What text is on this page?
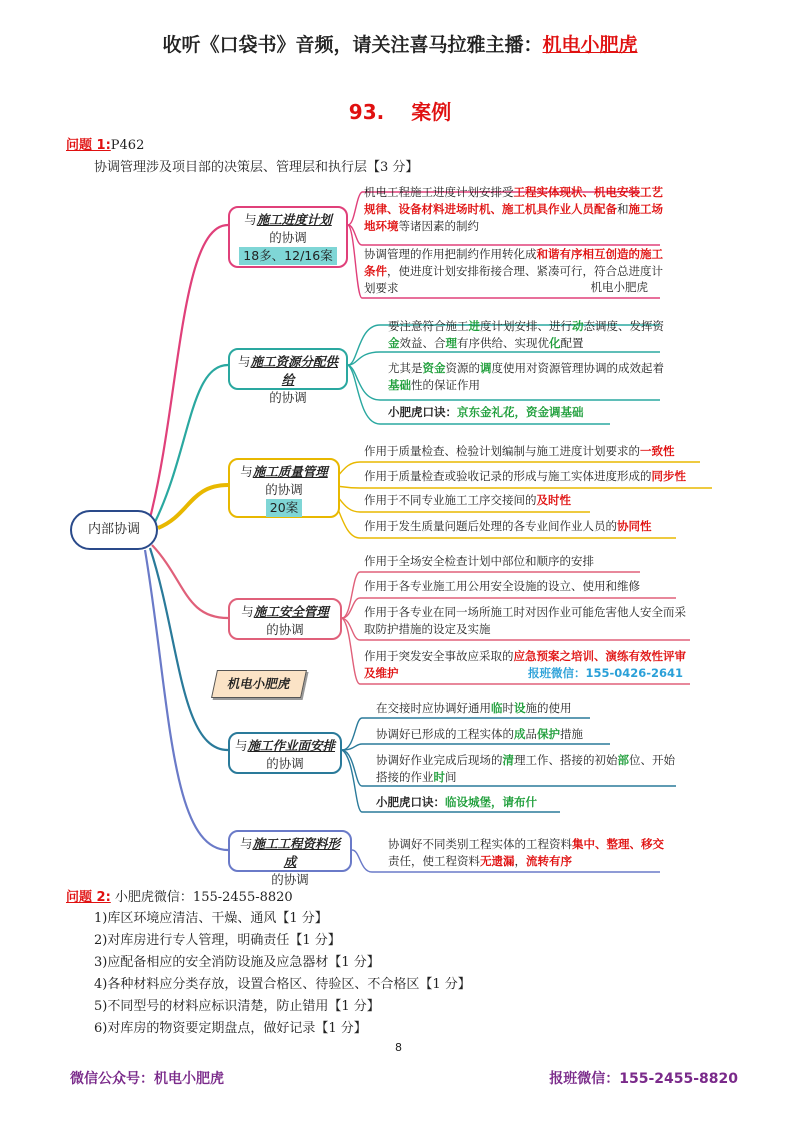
收听《口袋书》音频，请关注喜马拉雅主播：机电小肥虎
93.　 案例
问题 1:P462
协调管理涉及项目部的决策层、管理层和执行层【3 分】
内部协调
与施工进度计划
的协调
18多、12/16案
与施工资源分配供给
的协调
与施工质量管理
的协调
20案
与施工安全管理
的协调
机电小肥虎
与施工作业面安排
的协调
与施工工程资料形成
的协调
机电工程施工进度计划安排受工程实体现状、机电安装工艺规律、设备材料进场时机、施工机具作业人员配备和施工场地环境等诸因素的制约
协调管理的作用把制约作用转化成和谐有序相互创造的施工条件，使进度计划安排衔接合理、紧凑可行，符合总进度计划要求	机电小肥虎
要注意符合施工进度计划安排、进行动态调度、发挥资金效益、合理有序供给、实现优化配置
尤其是资金资源的调度使用对资源管理协调的成效起着基础性的保证作用
小肥虎口诀：京东金礼花，资金调基础
作用于质量检查、检验计划编制与施工进度计划要求的一致性
作用于质量检查或验收记录的形成与施工实体进度形成的同步性
作用于不同专业施工工序交接间的及时性
作用于发生质量问题后处理的各专业间作业人员的协同性
作用于全场安全检查计划中部位和顺序的安排
作用于各专业施工用公用安全设施的设立、使用和维修
作用于各专业在同一场所施工时对因作业可能危害他人安全而采取防护措施的设定及实施
作用于突发安全事故应采取的应急预案之培训、演练有效性评审及维护	报班微信：155-0426-2641
在交接时应协调好通用临时设施的使用
协调好已形成的工程实体的成品保护措施
协调好作业完成后现场的清理工作、搭接的初始部位、开始搭接的作业时间
小肥虎口诀：临设城堡，请布什
协调好不同类别工程实体的工程资料集中、整理、移交责任，使工程资料无遗漏，流转有序
问题 2: 小肥虎微信：155-2455-8820
1)库区环境应清洁、干燥、通风【1 分】
2)对库房进行专人管理，明确责任【1 分】
3)应配备相应的安全消防设施及应急器材【1 分】
4)各种材料应分类存放，设置合格区、待验区、不合格区【1 分】
5)不同型号的材料应标识清楚，防止错用【1 分】
6)对库房的物资要定期盘点，做好记录【1 分】
8
微信公众号：机电小肥虎	报班微信：155-2455-8820
